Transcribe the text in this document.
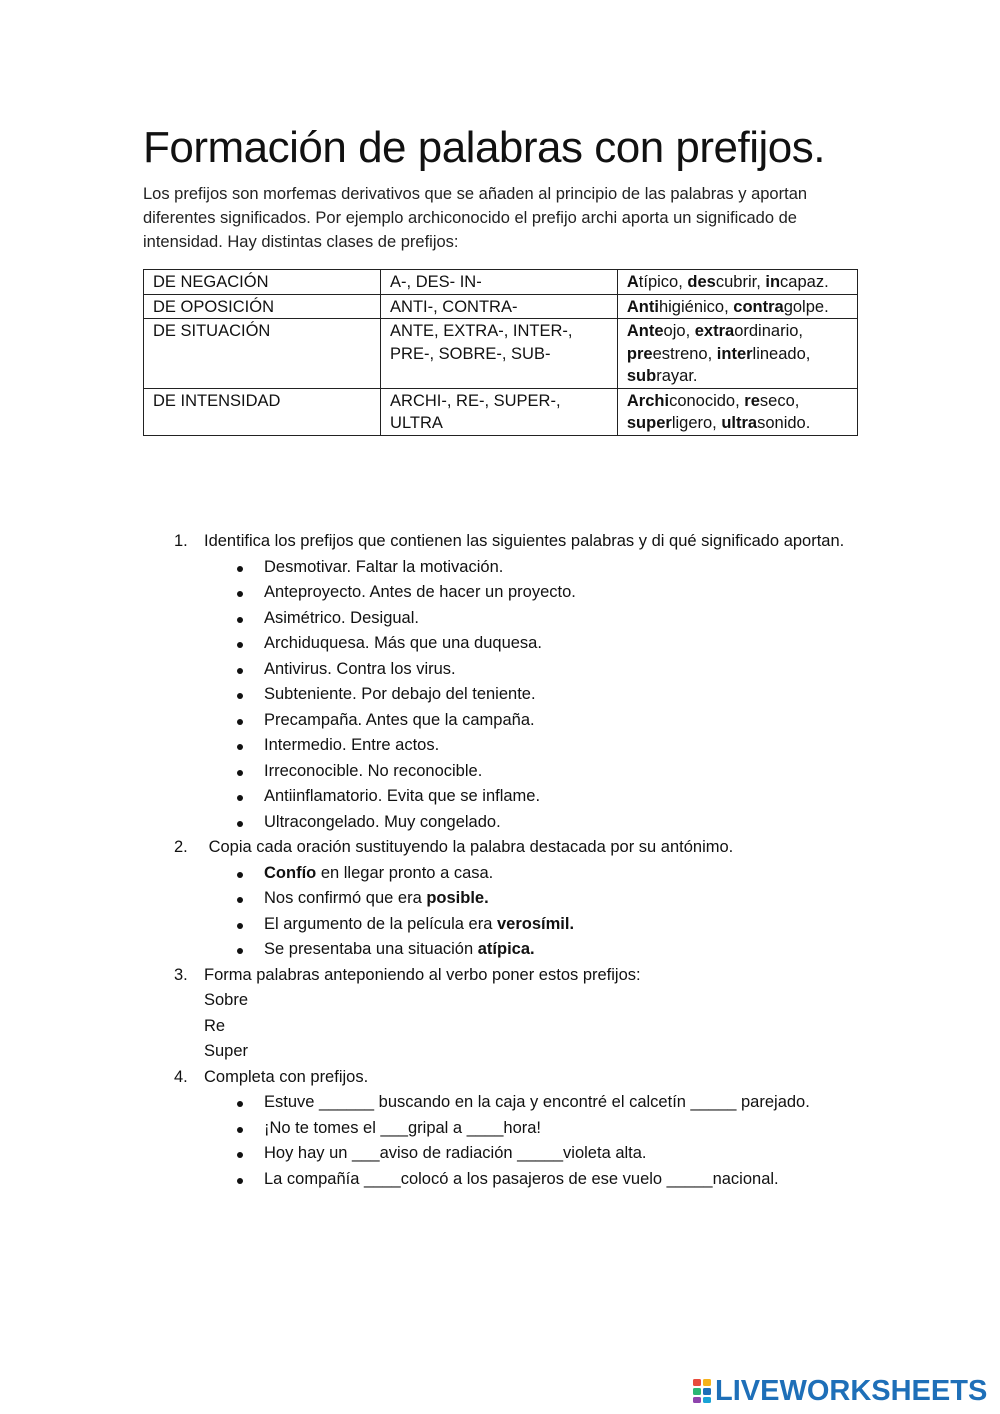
Formación de palabras con prefijos.

Los prefijos son morfemas derivativos que se añaden al principio de las palabras y aportan diferentes significados. Por ejemplo archiconocido el prefijo archi aporta un significado de intensidad. Hay distintas clases de prefijos:

DE NEGACIÓN	A-, DES- IN-	Atípico, descubrir, incapaz.
DE OPOSICIÓN	ANTI-, CONTRA-	Antihigiénico, contragolpe.
DE SITUACIÓN	ANTE, EXTRA-, INTER-, PRE-, SOBRE-, SUB-	Anteojo, extraordinario, preestreno, interlineado, subrayar.
DE INTENSIDAD	ARCHI-, RE-, SUPER-, ULTRA	Archiconocido, reseco, superligero, ultrasonido.
1. Identifica los prefijos que contienen las siguientes palabras y di qué significado aportan.
Desmotivar. Faltar la motivación.
Anteproyecto. Antes de hacer un proyecto.
Asimétrico. Desigual.
Archiduquesa. Más que una duquesa.
Antivirus. Contra los virus.
Subteniente. Por debajo del teniente.
Precampaña. Antes que la campaña.
Intermedio. Entre actos.
Irreconocible. No reconocible.
Antiinflamatorio. Evita que se inflame.
Ultracongelado. Muy congelado.
2. Copia cada oración sustituyendo la palabra destacada por su antónimo.
Confío en llegar pronto a casa.
Nos confirmó que era posible.
El argumento de la película era verosímil.
Se presentaba una situación atípica.
3. Forma palabras anteponiendo al verbo poner estos prefijos:
Sobre
Re
Super
4. Completa con prefijos.
Estuve ______ buscando en la caja y encontré el calcetín _____ parejado.
¡No te tomes el ___gripal a ____hora!
Hoy hay un ___aviso de radiación _____violeta alta.
La compañía ____colocó a los pasajeros de ese vuelo _____nacional.
LIVEWORKSHEETS
